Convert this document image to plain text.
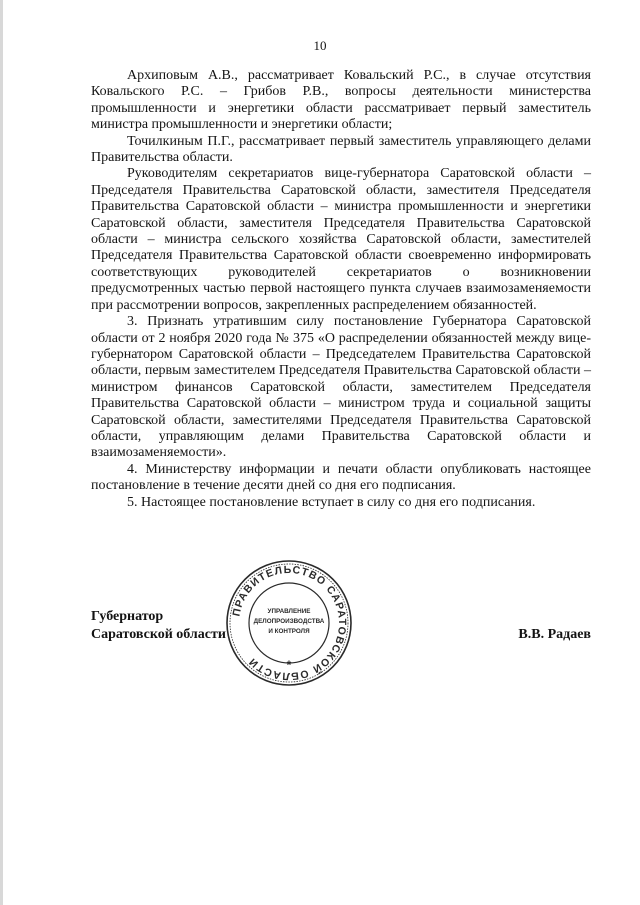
10

Архиповым А.В., рассматривает Ковальский Р.С., в случае отсутствия Ковальского Р.С. – Грибов Р.В., вопросы деятельности министерства промышленности и энергетики области рассматривает первый заместитель министра промышленности и энергетики области;

Точилкиным П.Г., рассматривает первый заместитель управляющего делами Правительства области.

Руководителям секретариатов вице-губернатора Саратовской области – Председателя Правительства Саратовской области, заместителя Председателя Правительства Саратовской области – министра промышленности и энергетики Саратовской области, заместителя Председателя Правительства Саратовской области – министра сельского хозяйства Саратовской области, заместителей Председателя Правительства Саратовской области своевременно информировать соответствующих руководителей секретариатов о возникновении предусмотренных частью первой настоящего пункта случаев взаимозаменяемости при рассмотрении вопросов, закрепленных распределением обязанностей.

3. Признать утратившим силу постановление Губернатора Саратовской области от 2 ноября 2020 года № 375 «О распределении обязанностей между вице-губернатором Саратовской области – Председателем Правительства Саратовской области, первым заместителем Председателя Правительства Саратовской области – министром финансов Саратовской области, заместителем Председателя Правительства Саратовской области – министром труда и социальной защиты Саратовской области, заместителями Председателя Правительства Саратовской области, управляющим делами Правительства Саратовской области и взаимозаменяемости».

4. Министерству информации и печати области опубликовать настоящее постановление в течение десяти дней со дня его подписания.

5. Настоящее постановление вступает в силу со дня его подписания.

Губернатор
Саратовской области	В.В. Радаев
ПРАВИТЕЛЬСТВО САРАТОВСКОЙ ОБЛАСТИ
УПРАВЛЕНИЕ
ДЕЛОПРОИЗВОДСТВА
И КОНТРОЛЯ
*
